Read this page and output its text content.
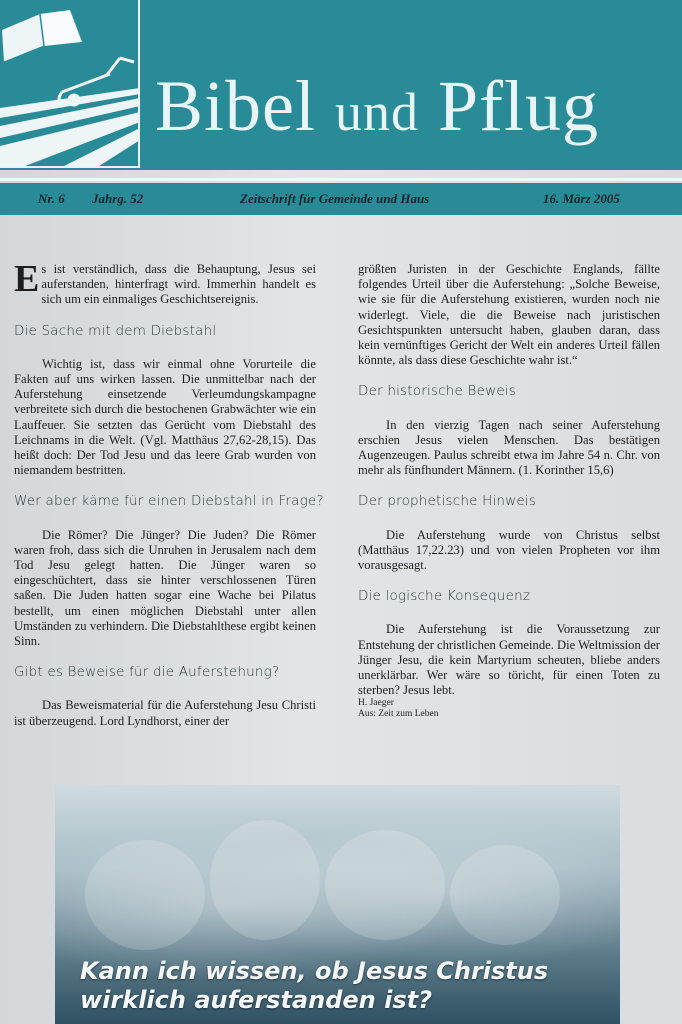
Bibel und Pflug
Nr. 6 Jahrg. 52	Zeitschrift für Gemeinde und Haus	16. März 2005

Es ist verständlich, dass die Behauptung, Jesus sei auferstanden, hinterfragt wird. Immerhin handelt es sich um ein einmaliges Geschichtsereignis.

Die Sache mit dem Diebstahl

Wichtig ist, dass wir einmal ohne Vorurteile die Fakten auf uns wirken lassen. Die unmittelbar nach der Auferstehung einsetzende Verleumdungskampagne verbreitete sich durch die bestochenen Grabwächter wie ein Lauffeuer. Sie setzten das Gerücht vom Diebstahl des Leichnams in die Welt. (Vgl. Matthäus 27,62-28,15). Das heißt doch: Der Tod Jesu und das leere Grab wurden von niemandem bestritten.

Wer aber käme für einen Diebstahl in Frage?

Die Römer? Die Jünger? Die Juden? Die Römer waren froh, dass sich die Unruhen in Jerusalem nach dem Tod Jesu gelegt hatten. Die Jünger waren so eingeschüchtert, dass sie hinter verschlossenen Türen saßen. Die Juden hatten sogar eine Wache bei Pilatus bestellt, um einen möglichen Diebstahl unter allen Umständen zu verhindern. Die Diebstahlthese ergibt keinen Sinn.

Gibt es Beweise für die Auferstehung?

Das Beweismaterial für die Auferstehung Jesu Christi ist überzeugend. Lord Lyndhorst, einer der

größten Juristen in der Geschichte Englands, fällte folgendes Urteil über die Auferstehung: „Solche Beweise, wie sie für die Auferstehung existieren, wurden noch nie widerlegt. Viele, die die Beweise nach juristischen Gesichtspunkten untersucht haben, glauben daran, dass kein vernünftiges Gericht der Welt ein anderes Urteil fällen könnte, als dass diese Geschichte wahr ist.“

Der historische Beweis

In den vierzig Tagen nach seiner Auferstehung erschien Jesus vielen Menschen. Das bestätigen Augenzeugen. Paulus schreibt etwa im Jahre 54 n. Chr. von mehr als fünfhundert Männern. (1. Korinther 15,6)

Der prophetische Hinweis

Die Auferstehung wurde von Christus selbst (Matthäus 17,22.23) und von vielen Propheten vor ihm vorausgesagt.

Die logische Konsequenz

Die Auferstehung ist die Voraussetzung zur Entstehung der christlichen Gemeinde. Die Weltmission der Jünger Jesu, die kein Martyrium scheuten, bliebe anders unerklärbar. Wer wäre so töricht, für einen Toten zu sterben? Jesus lebt.

H. Jaeger

Aus: Zeit zum Leben

Kann ich wissen, ob Jesus Christus
wirklich auferstanden ist?
